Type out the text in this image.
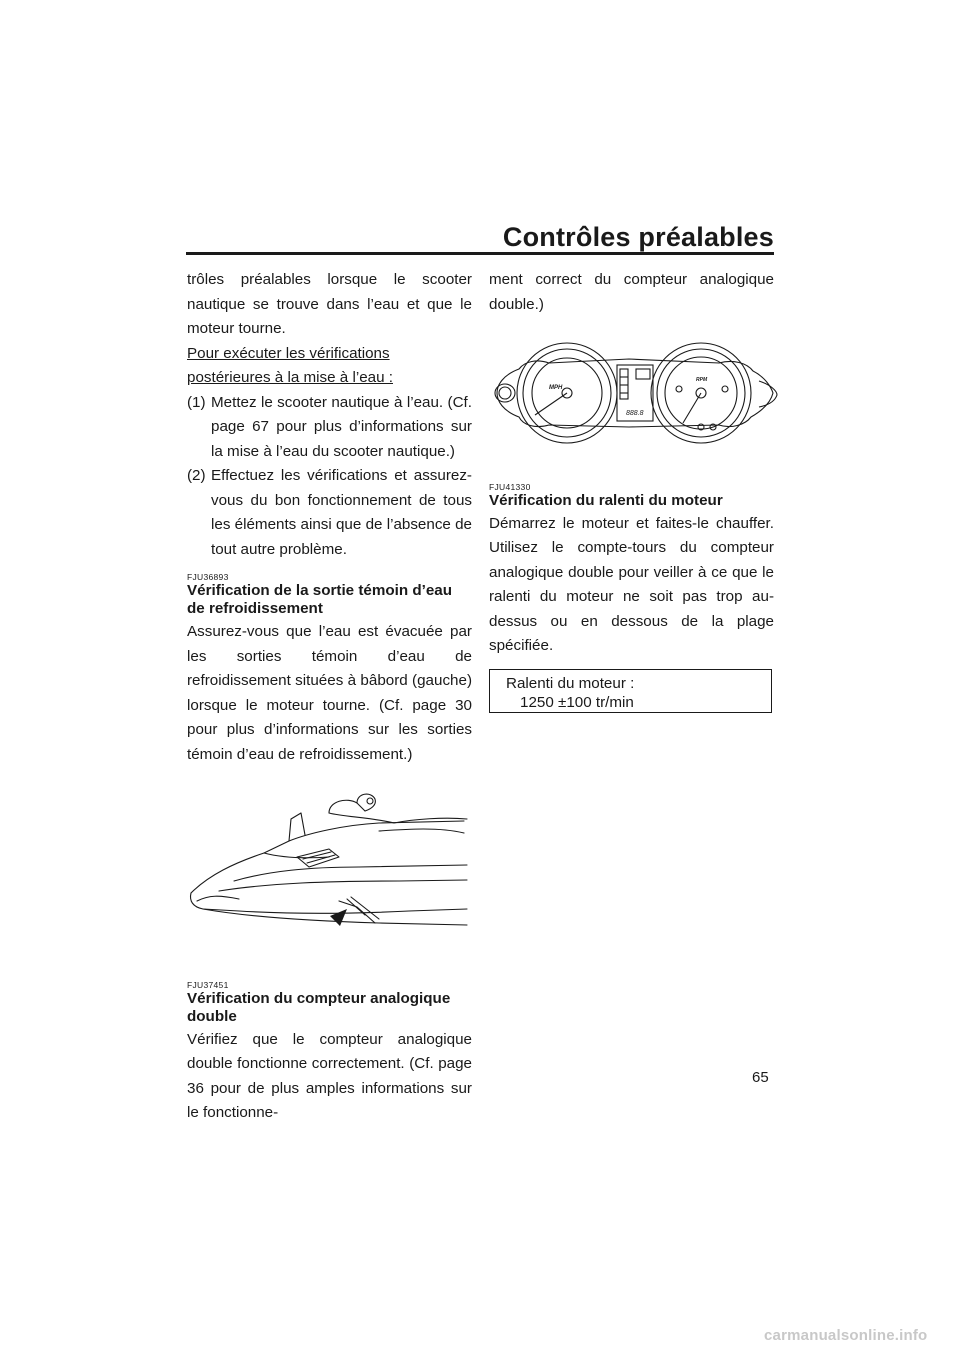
Contrôles préalables

trôles préalables lorsque le scooter nautique se trouve dans l’eau et que le moteur tourne.

Pour exécuter les vérifications postérieures à la mise à l’eau :

(1) Mettez le scooter nautique à l’eau. (Cf. page 67 pour plus d’informations sur la mise à l’eau du scooter nautique.)
(2) Effectuez les vérifications et assurez-vous du bon fonctionnement de tous les éléments ainsi que de l’absence de tout autre problème.
FJU36893
Vérification de la sortie témoin d’eau de refroidissement

Assurez-vous que l’eau est évacuée par les sorties témoin d’eau de refroidissement situées à bâbord (gauche) lorsque le moteur tourne. (Cf. page 30 pour plus d’informations sur les sorties témoin d’eau de refroidissement.)

FJU37451
Vérification du compteur analogique double

Vérifiez que le compteur analogique double fonctionne correctement. (Cf. page 36 pour de plus amples informations sur le fonctionne-

ment correct du compteur analogique double.)

MPH
RPM
888.8
FJU41330
Vérification du ralenti du moteur

Démarrez le moteur et faites-le chauffer. Utilisez le compte-tours du compteur analogique double pour veiller à ce que le ralenti du moteur ne soit pas trop au-dessus ou en dessous de la plage spécifiée.

Ralenti du moteur :
1250 ±100 tr/min
65
carmanualsonline.info
